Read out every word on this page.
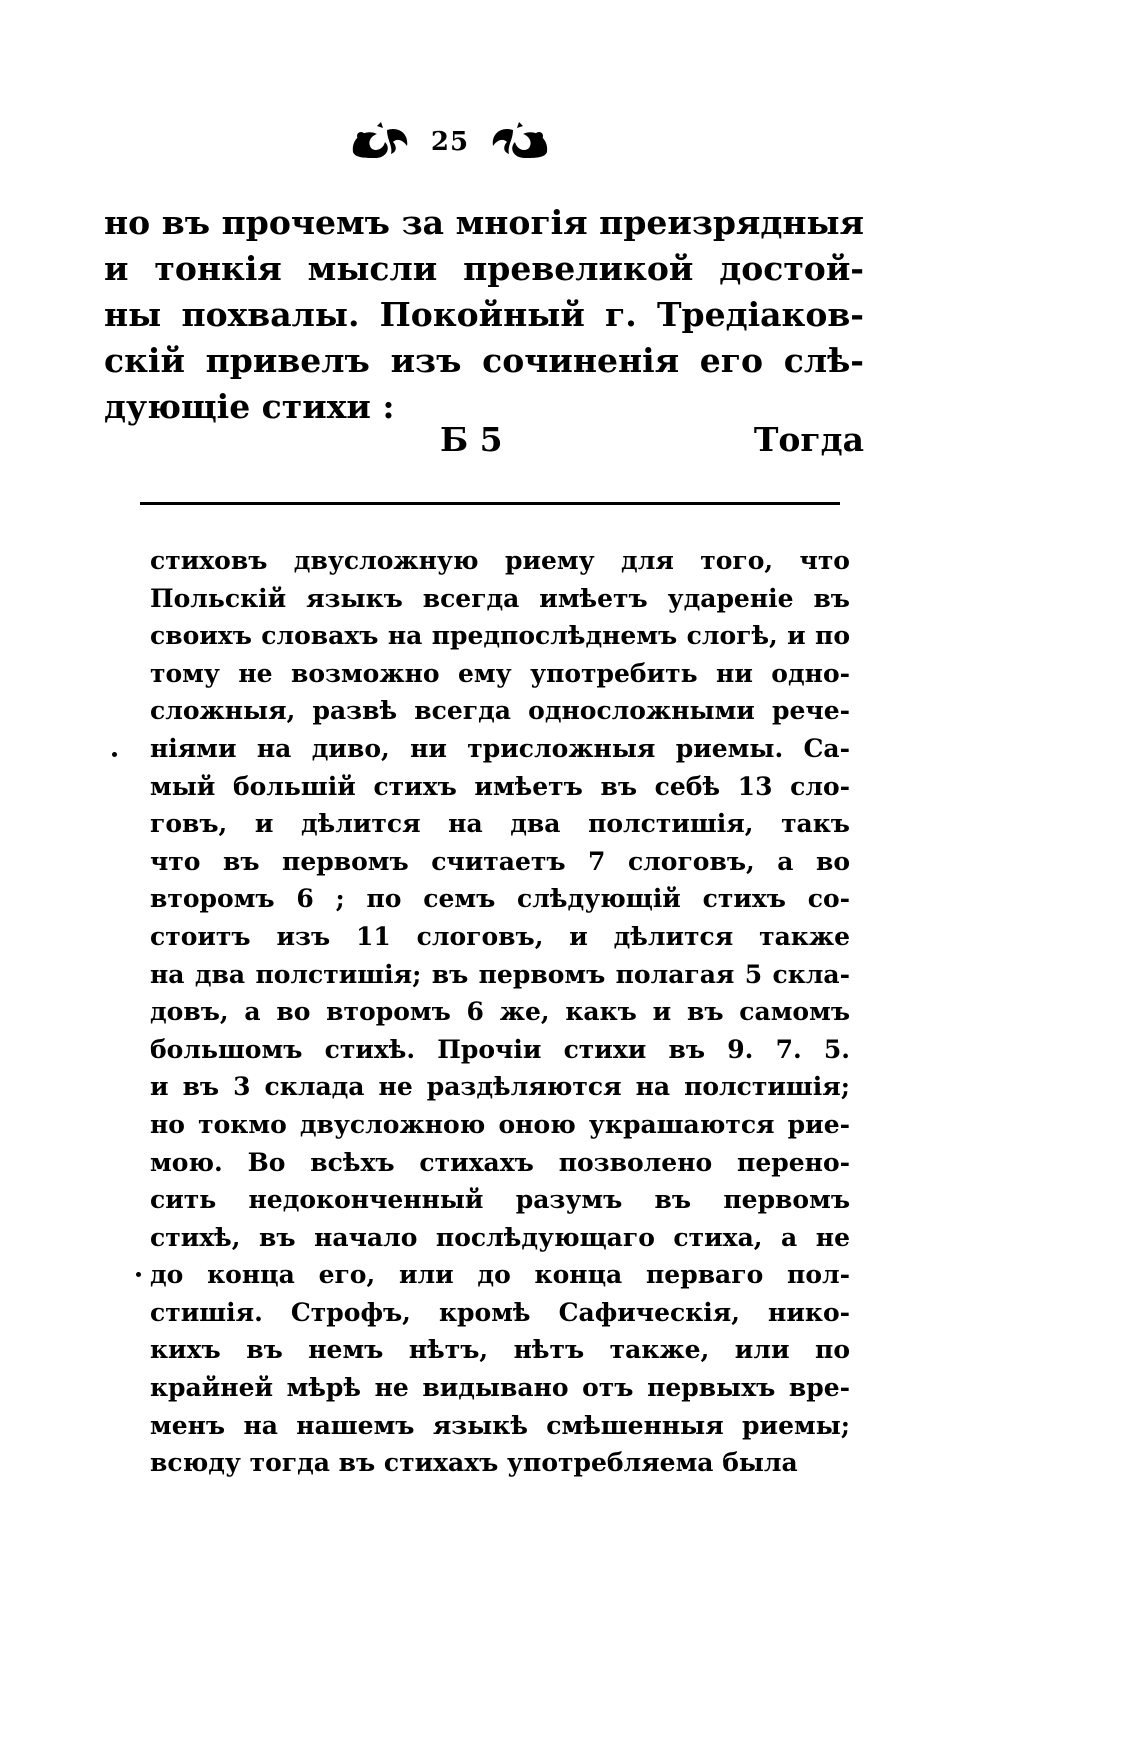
25
но въ прочемъ за многія преизрядныя
и тонкія мысли превеликой достой-
ны похвалы. Покойный г. Тредіаков-
скій привелъ изъ сочиненія его слѣ-
дующіе стихи :
Б 5	Тогда
стиховъ двусложную риему для того, что
Польскій языкъ всегда имѣетъ удареніе въ
своихъ словахъ на предпослѣднемъ слогѣ, и по
тому не возможно ему употребить ни одно-
сложныя, развѣ всегда односложными рече-
ніями на диво, ни трисложныя риемы. Са-
мый большій стихъ имѣетъ въ себѣ 13 сло-
говъ, и дѣлится на два полстишія, такъ
что въ первомъ считаетъ 7 слоговъ, а во
второмъ 6 ; по семъ слѣдующій стихъ со-
стоитъ изъ 11 слоговъ, и дѣлится также
на два полстишія; въ первомъ полагая 5 скла-
довъ, а во второмъ 6 же, какъ и въ самомъ
большомъ стихѣ. Прочіи стихи въ 9. 7. 5.
и въ 3 склада не раздѣляются на полстишія;
но токмо двусложною оною украшаются рие-
мою. Во всѣхъ стихахъ позволено перено-
сить недоконченный разумъ въ первомъ
стихѣ, въ начало послѣдующаго стиха, а не
до конца его, или до конца перваго пол-
стишія. Строфъ, кромѣ Сафическія, нико-
кихъ въ немъ нѣтъ, нѣтъ также, или по
крайней мѣрѣ не видывано отъ первыхъ вре-
менъ на нашемъ языкѣ смѣшенныя риемы;
всюду тогда въ стихахъ употребляема была
